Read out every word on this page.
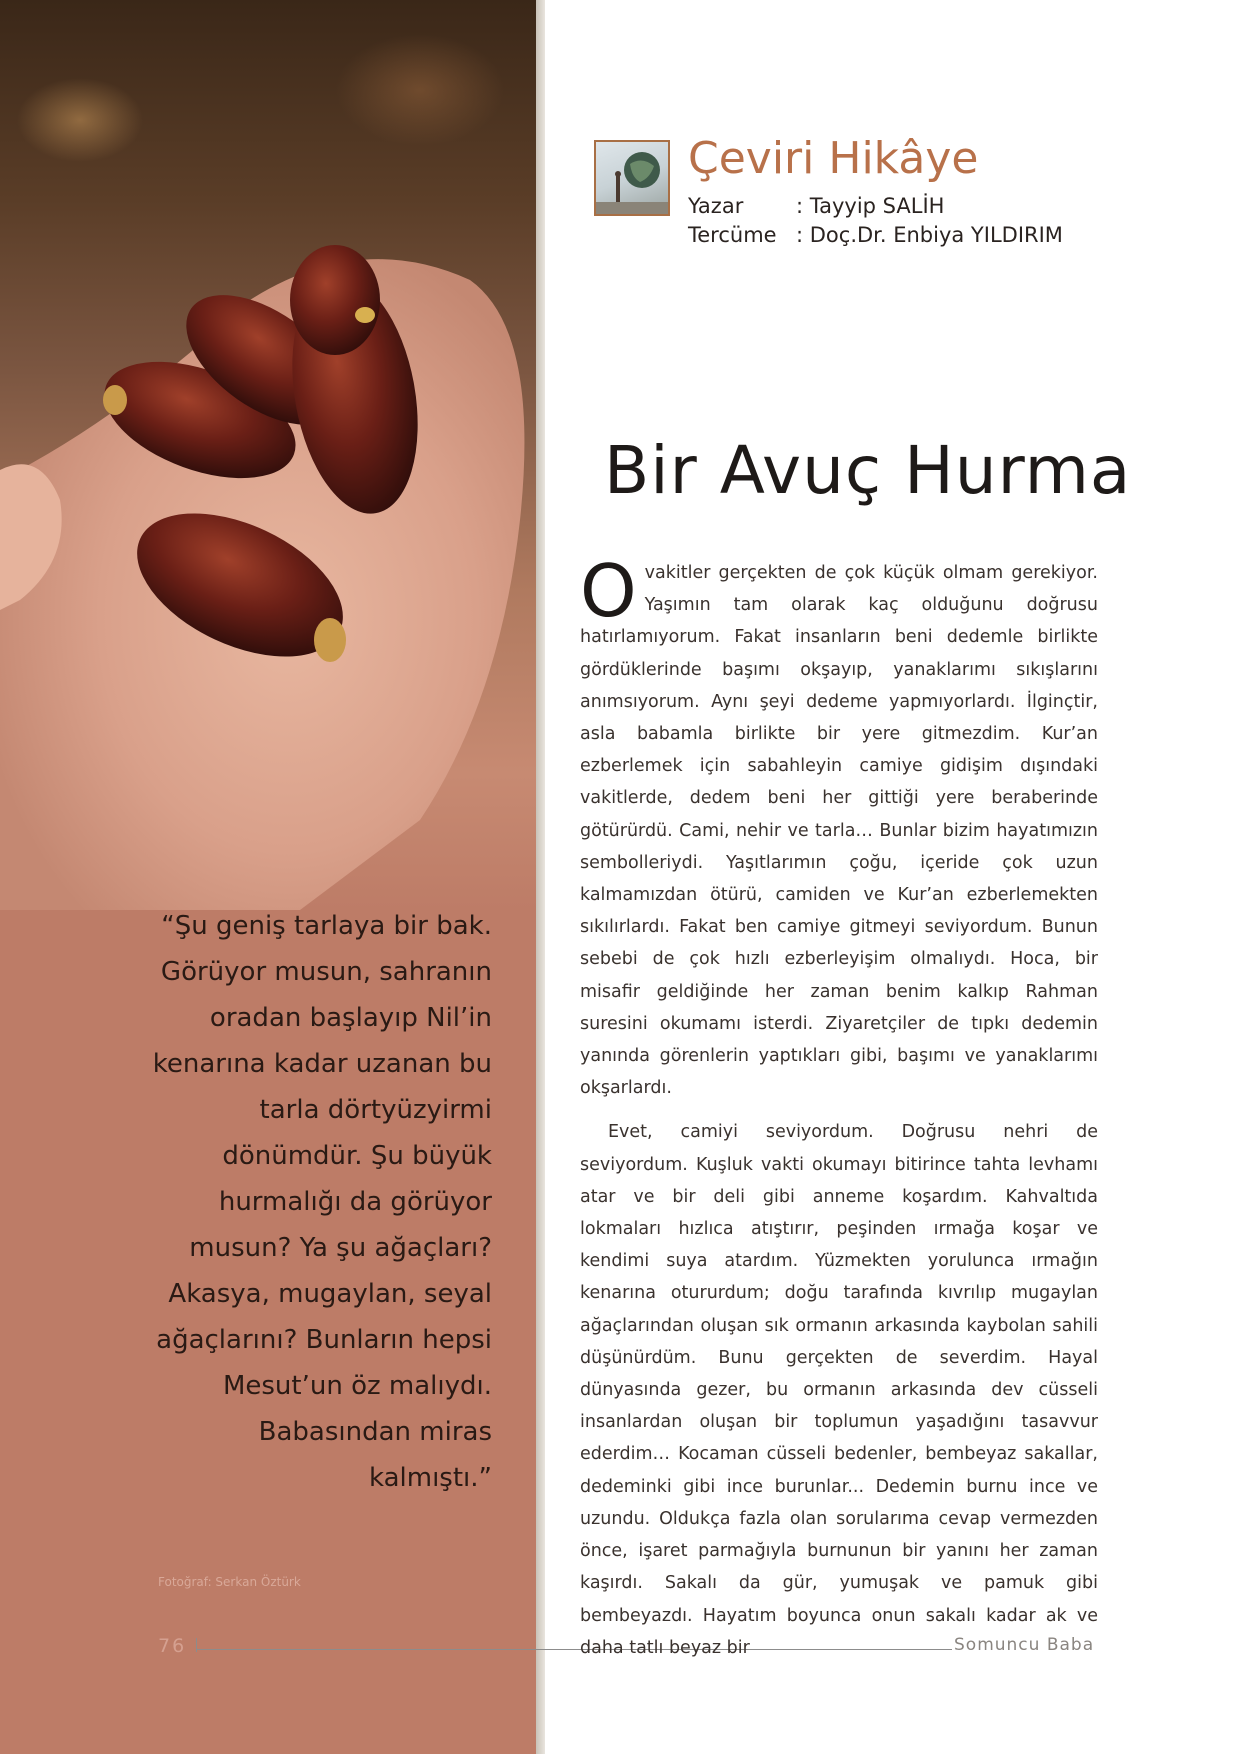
“Şu geniş tarlaya bir bak. Görüyor musun, sahranın oradan başlayıp Nil’in kenarına kadar uzanan bu tarla dörtyüzyirmi dönümdür. Şu büyük hurmalığı da görüyor musun? Ya şu ağaçları? Akasya, mugaylan, seyal ağaçlarını? Bunların hepsi Mesut’un öz malıydı. Babasından miras kalmıştı.”

Fotoğraf: Serkan Öztürk
76	Somuncu Baba
Çeviri Hikâye
Yazar	: Tayyip SALİH
Tercüme : Doç.Dr. Enbiya YILDIRIM
Bir Avuç Hurma

Ovakitler gerçekten de çok küçük olmam gerekiyor. Yaşımın tam olarak kaç olduğunu doğrusu hatırlamıyorum. Fakat insanların beni dedemle birlikte gördüklerinde başımı okşayıp, yanaklarımı sıkışlarını anımsıyorum. Aynı şeyi dedeme yapmıyorlardı. İlginçtir, asla babamla birlikte bir yere gitmezdim. Kur’an ezberlemek için sabahleyin camiye gidişim dışındaki vakitlerde, dedem beni her gittiği yere beraberinde götürürdü. Cami, nehir ve tarla… Bunlar bizim hayatımızın sembolleriydi. Yaşıtlarımın çoğu, içeride çok uzun kalmamızdan ötürü, camiden ve Kur’an ezberlemekten sıkılırlardı. Fakat ben camiye gitmeyi seviyordum. Bunun sebebi de çok hızlı ezberleyişim olmalıydı. Hoca, bir misafir geldiğinde her zaman benim kalkıp Rahman suresini okumamı isterdi. Ziyaretçiler de tıpkı dedemin yanında görenlerin yaptıkları gibi, başımı ve yanaklarımı okşarlardı.

Evet, camiyi seviyordum. Doğrusu nehri de seviyordum. Kuşluk vakti okumayı bitirince tahta levhamı atar ve bir deli gibi anneme koşardım. Kahvaltıda lokmaları hızlıca atıştırır, peşinden ırmağa koşar ve kendimi suya atardım. Yüzmekten yorulunca ırmağın kenarına otururdum; doğu tarafında kıvrılıp mugaylan ağaçlarından oluşan sık ormanın arkasında kaybolan sahili düşünürdüm. Bunu gerçekten de severdim. Hayal dünyasında gezer, bu ormanın arkasında dev cüsseli insanlardan oluşan bir toplumun yaşadığını tasavvur ederdim… Kocaman cüsseli bedenler, bembeyaz sakallar, dedeminki gibi ince burunlar... Dedemin burnu ince ve uzundu. Oldukça fazla olan sorularıma cevap vermezden önce, işaret parmağıyla burnunun bir yanını her zaman kaşırdı. Sakalı da gür, yumuşak ve pamuk gibi bembeyazdı. Hayatım boyunca onun sakalı kadar ak ve daha tatlı beyaz bir
